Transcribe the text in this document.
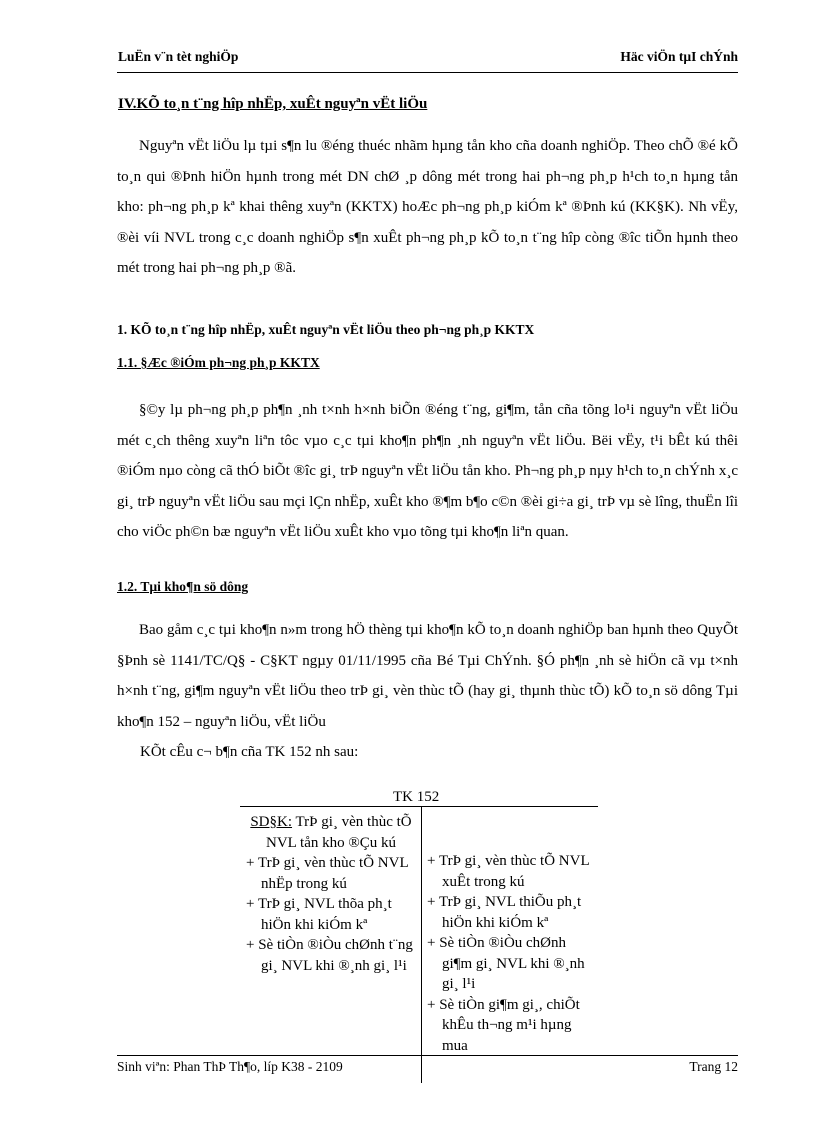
LuËn v¨n tèt nghiÖp	Häc viÖn tµI chÝnh
IV.KÕ to¸n t¨ng hîp nhËp, xuÊt nguyªn vËt liÖu

Nguyªn vËt liÖu lµ tµi s¶n lu ®éng thuéc nhãm hµng tån kho cña doanh nghiÖp. Theo chÕ ®é kÕ to¸n qui ®Þnh hiÖn hµnh trong mét DN chØ ¸p dông mét trong hai ph¬ng ph¸p h¹ch to¸n hµng tån kho: ph¬ng ph¸p kª khai thêng xuyªn (KKTX) hoÆc ph¬ng ph¸p kiÓm kª ®Þnh kú (KK§K). Nh vËy, ®èi víi NVL trong c¸c doanh nghiÖp s¶n xuÊt ph¬ng ph¸p kÕ to¸n t¨ng hîp còng ®îc tiÕn hµnh theo mét trong hai ph¬ng ph¸p ®ã.

1. KÕ to¸n t¨ng hîp nhËp, xuÊt nguyªn vËt liÖu theo ph¬ng ph¸p KKTX
1.1. §Æc ®iÓm ph¬ng ph¸p KKTX

§©y lµ ph¬ng ph¸p ph¶n ¸nh t×nh h×nh biÕn ®éng t¨ng, gi¶m, tån cña tõng lo¹i nguyªn vËt liÖu mét c¸ch thêng xuyªn liªn tôc vµo c¸c tµi kho¶n ph¶n ¸nh nguyªn vËt liÖu. Bëi vËy, t¹i bÊt kú thêi ®iÓm nµo còng cã thÓ biÕt ®îc gi¸ trÞ nguyªn vËt liÖu tån kho. Ph¬ng ph¸p nµy h¹ch to¸n chÝnh x¸c gi¸ trÞ nguyªn vËt liÖu sau mçi lÇn nhËp, xuÊt kho ®¶m b¶o c©n ®èi gi÷a gi¸ trÞ vµ sè lîng, thuËn lîi cho viÖc ph©n bæ nguyªn vËt liÖu xuÊt kho vµo tõng tµi kho¶n liªn quan.

1.2. Tµi kho¶n sö dông

Bao gåm c¸c tµi kho¶n n»m trong hÖ thèng tµi kho¶n kÕ to¸n doanh nghiÖp ban hµnh theo QuyÕt §Þnh sè 1141/TC/Q§ - C§KT ngµy 01/11/1995 cña Bé Tµi ChÝnh. §Ó ph¶n ¸nh sè hiÖn cã vµ t×nh h×nh t¨ng, gi¶m nguyªn vËt liÖu theo trÞ gi¸ vèn thùc tÕ (hay gi¸ thµnh thùc tÕ) kÕ to¸n sö dông Tµi kho¶n 152 – nguyªn liÖu, vËt liÖu

KÕt cÊu c¬ b¶n cña TK 152 nh sau:
TK 152
SD§K: TrÞ gi¸ vèn thùc tÕ NVL tån kho ®Çu kú
+ TrÞ gi¸ vèn thùc tÕ NVL nhËp trong kú
+ TrÞ gi¸ NVL thõa ph¸t hiÖn khi kiÓm kª
+ Sè tiÒn ®iÒu chØnh t¨ng gi¸ NVL khi ®¸nh gi¸ l¹i
+ TrÞ gi¸ vèn thùc tÕ NVL xuÊt trong kú
+ TrÞ gi¸ NVL thiÕu ph¸t hiÖn khi kiÓm kª
+ Sè tiÒn ®iÒu chØnh gi¶m gi¸ NVL khi ®¸nh gi¸ l¹i
+ Sè tiÒn gi¶m gi¸, chiÕt khÊu th¬ng m¹i hµng mua
Sinh viªn: Phan ThÞ Th¶o, líp K38 - 2109	Trang 12
